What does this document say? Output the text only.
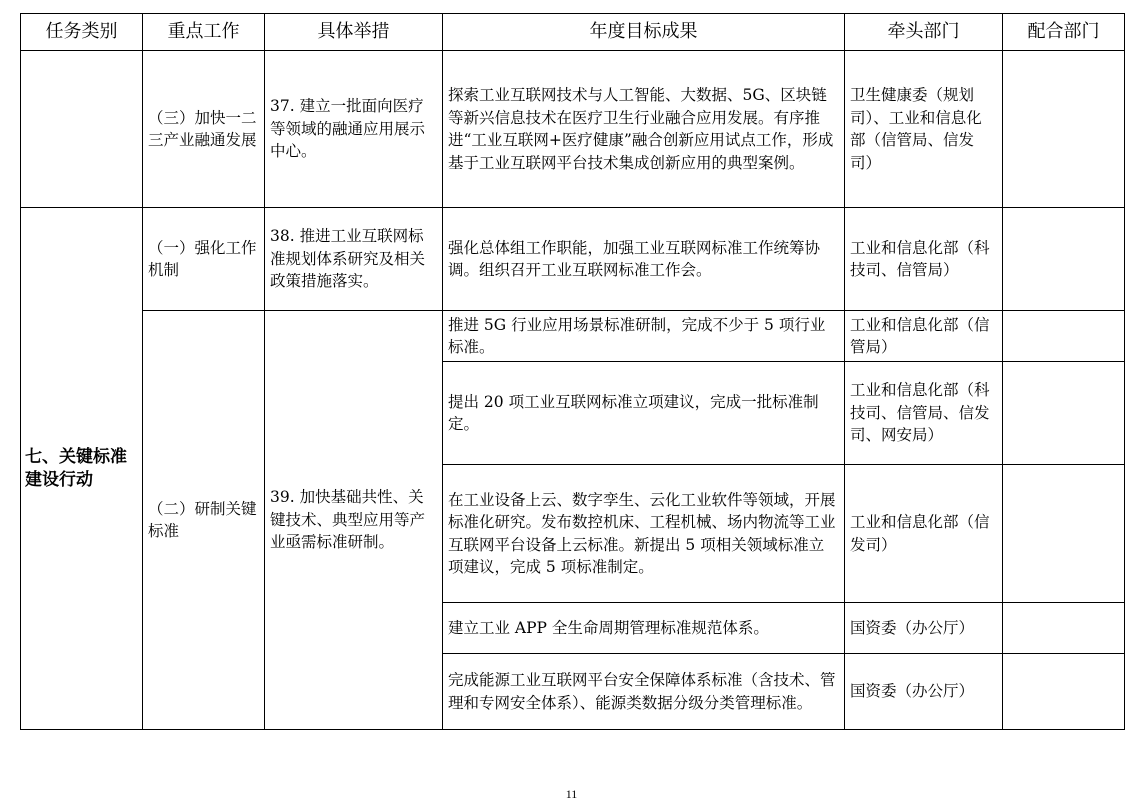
任务类别	重点工作	具体举措	年度目标成果	牵头部门	配合部门
	（三）加快一二三产业融通发展	37. 建立一批面向医疗等领域的融通应用展示中心。	探索工业互联网技术与人工智能、大数据、5G、区块链等新兴信息技术在医疗卫生行业融合应用发展。有序推进“工业互联网+医疗健康”融合创新应用试点工作，形成基于工业互联网平台技术集成创新应用的典型案例。	卫生健康委（规划司）、工业和信息化部（信管局、信发司）	
七、关键标准建设行动	（一）强化工作机制	38. 推进工业互联网标准规划体系研究及相关政策措施落实。	强化总体组工作职能，加强工业互联网标准工作统筹协调。组织召开工业互联网标准工作会。	工业和信息化部（科技司、信管局）	
	（二）研制关键标准	39. 加快基础共性、关键技术、典型应用等产业亟需标准研制。	推进 5G 行业应用场景标准研制，完成不少于 5 项行业标准。	工业和信息化部（信管局）	
			提出 20 项工业互联网标准立项建议，完成一批标准制定。	工业和信息化部（科技司、信管局、信发司、网安局）	
			在工业设备上云、数字孪生、云化工业软件等领域，开展标准化研究。发布数控机床、工程机械、场内物流等工业互联网平台设备上云标准。新提出 5 项相关领域标准立项建议，完成 5 项标准制定。	工业和信息化部（信发司）	
			建立工业 APP 全生命周期管理标准规范体系。	国资委（办公厅）	
			完成能源工业互联网平台安全保障体系标准（含技术、管理和专网安全体系）、能源类数据分级分类管理标准。	国资委（办公厅）	
11
